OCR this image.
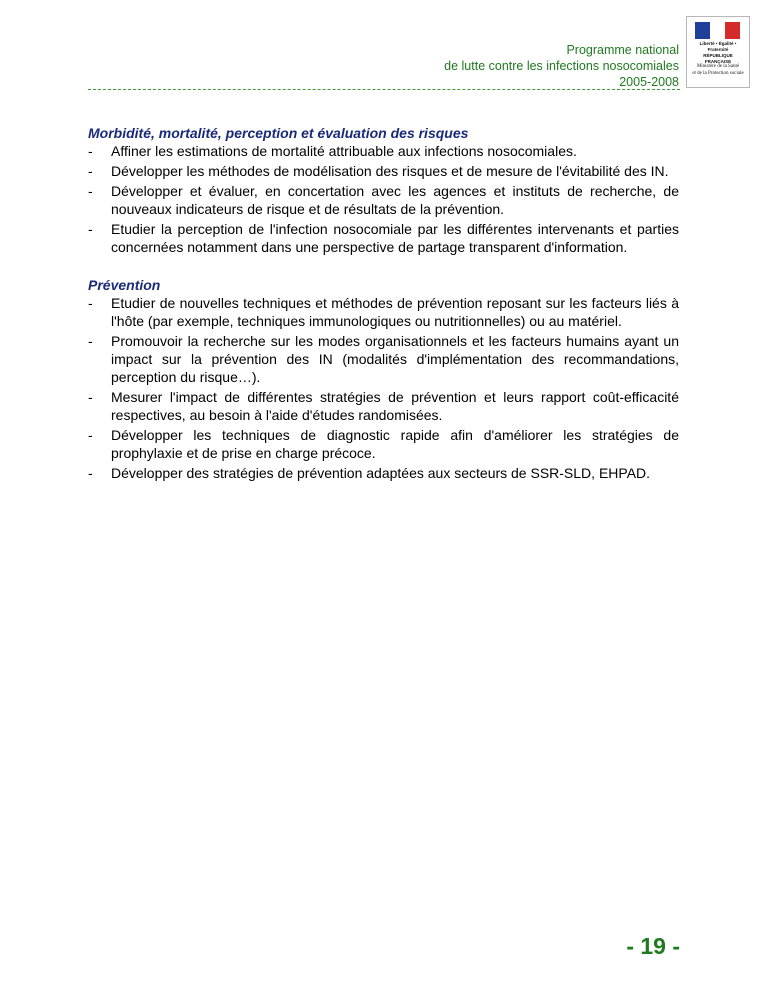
Programme national
de lutte contre les infections nosocomiales
2005-2008
Liberté • Égalité • Fraternité
RÉPUBLIQUE FRANÇAISE
Ministère de la Santé
et de la Protection sociale
Morbidité, mortalité, perception et évaluation des risques
- Affiner les estimations de mortalité attribuable aux infections nosocomiales.
- Développer les méthodes de modélisation des risques et de mesure de l'évitabilité des IN.
- Développer et évaluer, en concertation avec les agences et instituts de recherche, de nouveaux indicateurs de risque et de résultats de la prévention.
- Etudier la perception de l'infection nosocomiale par les différentes intervenants et parties concernées notamment dans une perspective de partage transparent d'information.
Prévention
- Etudier de nouvelles techniques et méthodes de prévention reposant sur les facteurs liés à l'hôte (par exemple, techniques immunologiques ou nutritionnelles) ou au matériel.
- Promouvoir la recherche sur les modes organisationnels et les facteurs humains ayant un impact sur la prévention des IN (modalités d'implémentation des recommandations, perception du risque…).
- Mesurer l'impact de différentes stratégies de prévention et leurs rapport coût-efficacité respectives, au besoin à l'aide d'études randomisées.
- Développer les techniques de diagnostic rapide afin d'améliorer les stratégies de prophylaxie et de prise en charge précoce.
- Développer des stratégies de prévention adaptées aux secteurs de SSR-SLD, EHPAD.
- 19 -
